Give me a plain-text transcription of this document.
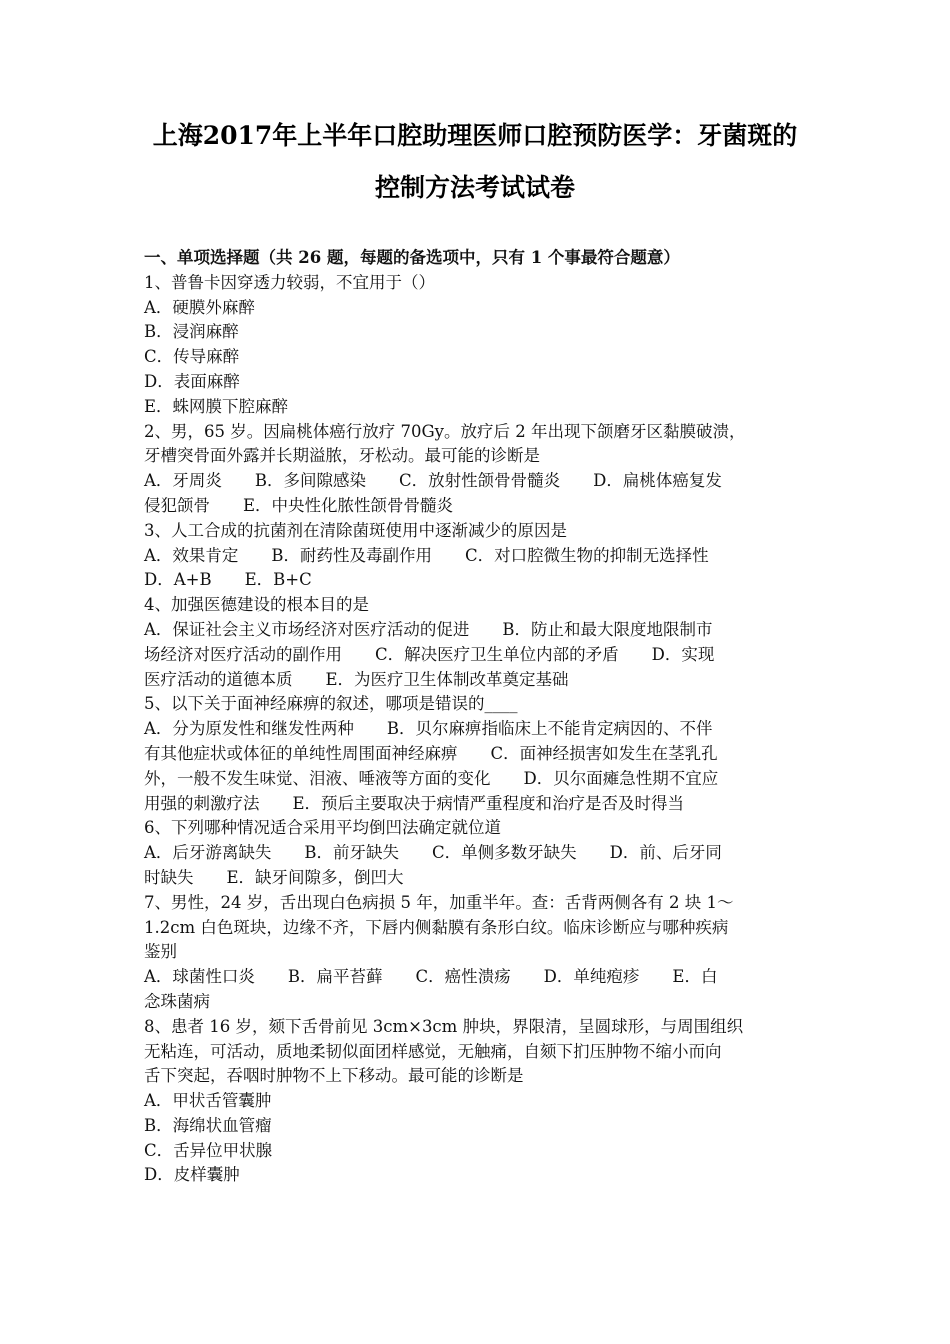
上海2017年上半年口腔助理医师口腔预防医学：牙菌斑的
控制方法考试试卷
一、单项选择题（共 26 题，每题的备选项中，只有 1 个事最符合题意）
1、普鲁卡因穿透力较弱，不宜用于（）
A．硬膜外麻醉
B．浸润麻醉
C．传导麻醉
D．表面麻醉
E．蛛网膜下腔麻醉
2、男，65 岁。因扁桃体癌行放疗 70Gy。放疗后 2 年出现下颌磨牙区黏膜破溃，
牙槽突骨面外露并长期溢脓，牙松动。最可能的诊断是
A．牙周炎　　B．多间隙感染　　C．放射性颌骨骨髓炎　　D．扁桃体癌复发
侵犯颌骨　　E．中央性化脓性颌骨骨髓炎
3、人工合成的抗菌剂在清除菌斑使用中逐渐减少的原因是
A．效果肯定　　B．耐药性及毒副作用　　C．对口腔微生物的抑制无选择性
D．A+B　　E．B+C
4、加强医德建设的根本目的是
A．保证社会主义市场经济对医疗活动的促进　　B．防止和最大限度地限制市
场经济对医疗活动的副作用　　C．解决医疗卫生单位内部的矛盾　　D．实现
医疗活动的道德本质　　E．为医疗卫生体制改革奠定基础
5、以下关于面神经麻痹的叙述，哪项是错误的____
A．分为原发性和继发性两种　　B．贝尔麻痹指临床上不能肯定病因的、不伴
有其他症状或体征的单纯性周围面神经麻痹　　C．面神经损害如发生在茎乳孔
外，一般不发生味觉、泪液、唾液等方面的变化　　D．贝尔面瘫急性期不宜应
用强的刺激疗法　　E．预后主要取决于病情严重程度和治疗是否及时得当
6、下列哪种情况适合采用平均倒凹法确定就位道
A．后牙游离缺失　　B．前牙缺失　　C．单侧多数牙缺失　　D．前、后牙同
时缺失　　E．缺牙间隙多，倒凹大
7、男性，24 岁，舌出现白色病损 5 年，加重半年。查：舌背两侧各有 2 块 1～
1.2cm 白色斑块，边缘不齐，下唇内侧黏膜有条形白纹。临床诊断应与哪种疾病
鉴别
A．球菌性口炎　　B．扁平苔藓　　C．癌性溃疡　　D．单纯疱疹　　E．白
念珠菌病
8、患者 16 岁，颏下舌骨前见 3cm×3cm 肿块，界限清，呈圆球形，与周围组织
无粘连，可活动，质地柔韧似面团样感觉，无触痛，自颏下扪压肿物不缩小而向
舌下突起，吞咽时肿物不上下移动。最可能的诊断是
A．甲状舌管囊肿
B．海绵状血管瘤
C．舌异位甲状腺
D．皮样囊肿
